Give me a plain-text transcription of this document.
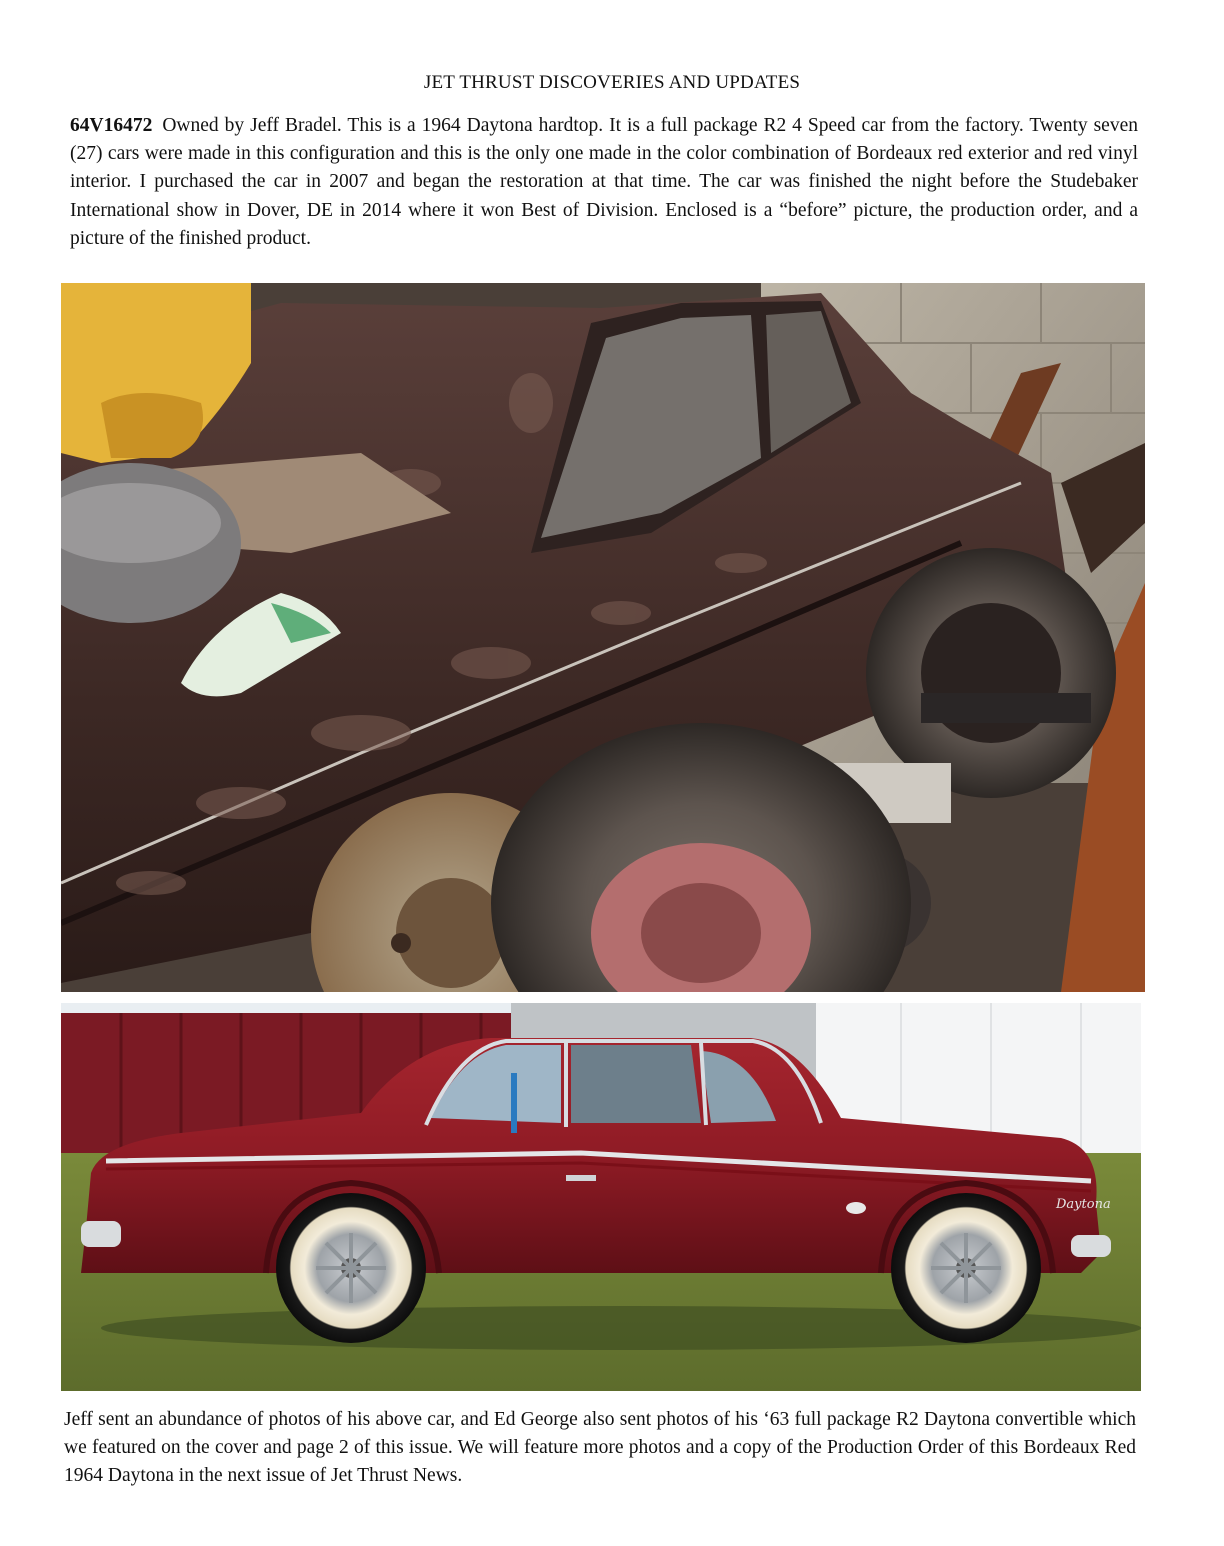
JET THRUST DISCOVERIES AND UPDATES
64V16472 Owned by Jeff Bradel. This is a 1964 Daytona hardtop. It is a full package R2 4 Speed car from the factory. Twenty seven (27) cars were made in this configuration and this is the only one made in the color combination of Bordeaux red exterior and red vinyl interior. I purchased the car in 2007 and began the restoration at that time. The car was finished the night before the Studebaker International show in Dover, DE in 2014 where it won Best of Division. Enclosed is a “before” picture, the production order, and a picture of the finished product.
Daytona
Jeff sent an abundance of photos of his above car, and Ed George also sent photos of his ‘63 full package R2 Daytona convertible which we featured on the cover and page 2 of this issue. We will feature more photos and a copy of the Production Order of this Bordeaux Red 1964 Daytona in the next issue of Jet Thrust News.
